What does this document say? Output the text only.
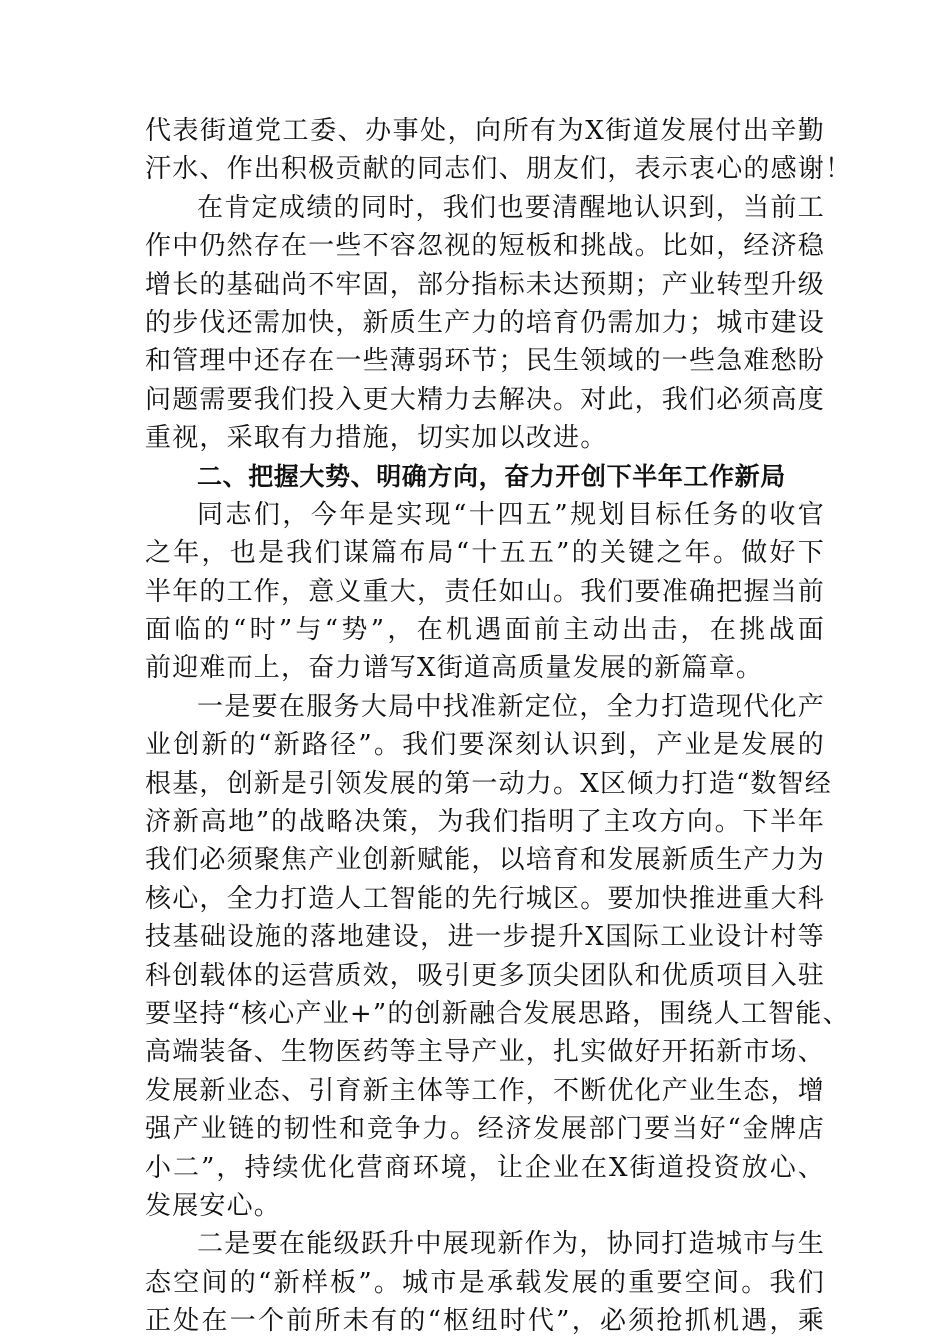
代表街道党工委、办事处，向所有为X街道发展付出辛勤
汗水、作出积极贡献的同志们、朋友们，表示衷心的感谢！
在肯定成绩的同时，我们也要清醒地认识到，当前工
作中仍然存在一些不容忽视的短板和挑战。比如，经济稳
增长的基础尚不牢固，部分指标未达预期；产业转型升级
的步伐还需加快，新质生产力的培育仍需加力；城市建设
和管理中还存在一些薄弱环节；民生领域的一些急难愁盼
问题需要我们投入更大精力去解决。对此，我们必须高度
重视，采取有力措施，切实加以改进。
二、把握大势、明确方向，奋力开创下半年工作新局
同志们，今年是实现“十四五”规划目标任务的收官
之年，也是我们谋篇布局“十五五”的关键之年。做好下
半年的工作，意义重大，责任如山。我们要准确把握当前
面临的“时”与“势”，在机遇面前主动出击，在挑战面
前迎难而上，奋力谱写X街道高质量发展的新篇章。
一是要在服务大局中找准新定位，全力打造现代化产
业创新的“新路径”。我们要深刻认识到，产业是发展的
根基，创新是引领发展的第一动力。X区倾力打造“数智经
济新高地”的战略决策，为我们指明了主攻方向。下半年
我们必须聚焦产业创新赋能，以培育和发展新质生产力为
核心，全力打造人工智能的先行城区。要加快推进重大科
技基础设施的落地建设，进一步提升X国际工业设计村等
科创载体的运营质效，吸引更多顶尖团队和优质项目入驻
要坚持“核心产业+”的创新融合发展思路，围绕人工智能、
高端装备、生物医药等主导产业，扎实做好开拓新市场、
发展新业态、引育新主体等工作，不断优化产业生态，增
强产业链的韧性和竞争力。经济发展部门要当好“金牌店
小二”，持续优化营商环境，让企业在X街道投资放心、
发展安心。
二是要在能级跃升中展现新作为，协同打造城市与生
态空间的“新样板”。城市是承载发展的重要空间。我们
正处在一个前所未有的“枢纽时代”，必须抢抓机遇，乘
